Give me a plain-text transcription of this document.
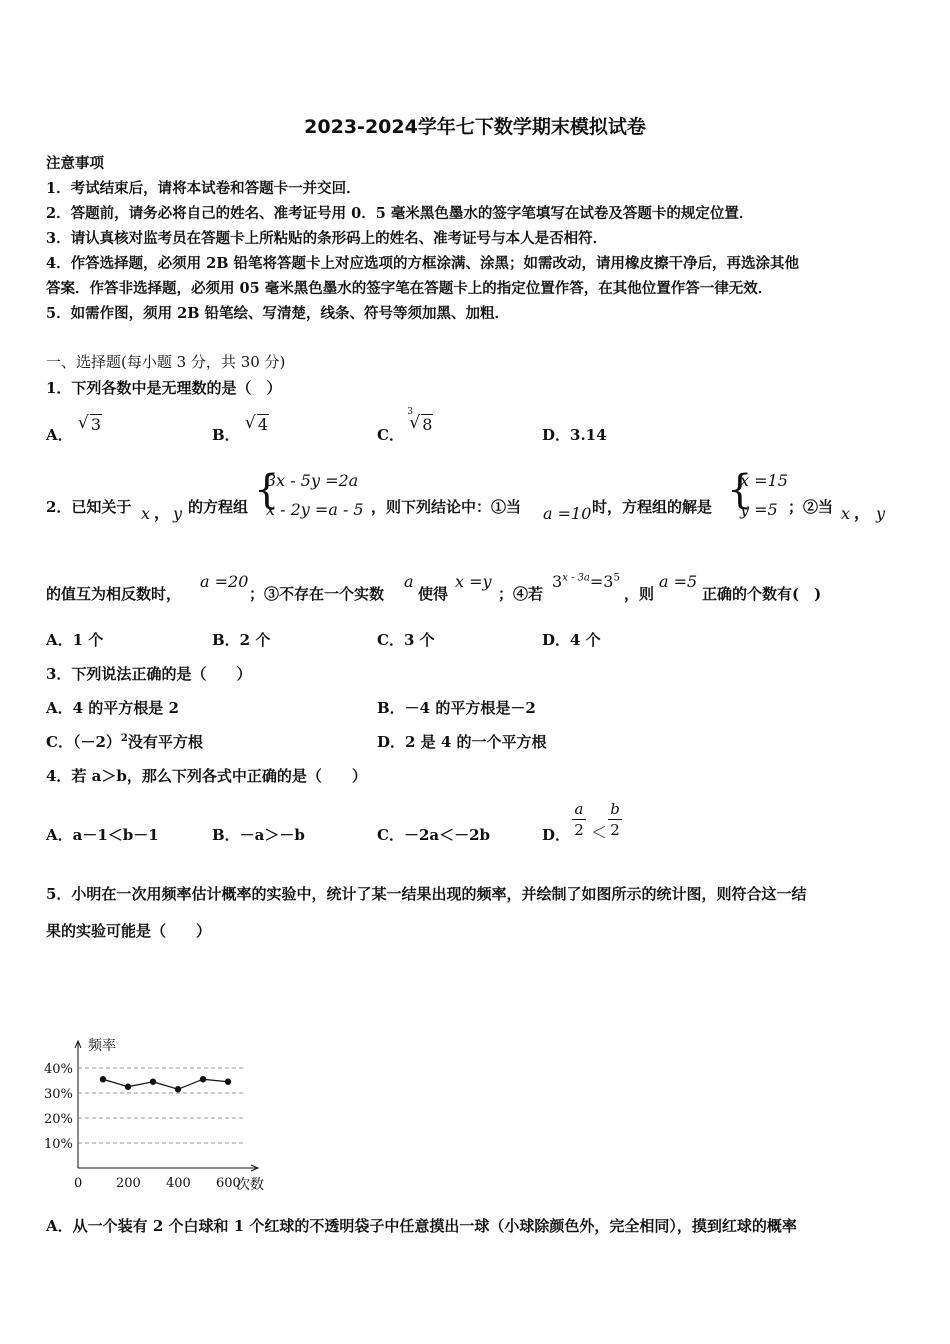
2023-2024学年七下数学期末模拟试卷
注意事项
1．考试结束后，请将本试卷和答题卡一并交回．
2．答题前，请务必将自己的姓名、准考证号用 0．5 毫米黑色墨水的签字笔填写在试卷及答题卡的规定位置．
3．请认真核对监考员在答题卡上所粘贴的条形码上的姓名、准考证号与本人是否相符．
4．作答选择题，必须用 2B 铅笔将答题卡上对应选项的方框涂满、涂黑；如需改动，请用橡皮擦干净后，再选涂其他
答案．作答非选择题，必须用 05 毫米黑色墨水的签字笔在答题卡上的指定位置作答，在其他位置作答一律无效．
5．如需作图，须用 2B 铅笔绘、写清楚，线条、符号等须加黑、加粗．
一、选择题(每小题 3 分，共 30 分)
1．下列各数中是无理数的是（　）
A．
√ 3
B．
√ 4
C．
3
√ 8
D．3.14
2．已知关于 x ， y 的方程组 {
3x - 5y =2a
x - 2y =a - 5 ，则下列结论中：①当 a =10 时，方程组的解是 {
x =15
y =5 ；②当 x ， y
的值互为相反数时，
a =20
；③不存在一个实数
a
使得
x =y
；④若
$3^{x - 3a}=3^5$
，则
a =5
正确的个数有(　)
A．1 个	B．2 个	C．3 个	D．4 个
3．下列说法正确的是（　　）
A．4 的平方根是 2	B．－4 的平方根是－2
C．$(-2)^2$没有平方根	D．2 是 4 的一个平方根
4．若 a＞b，那么下列各式中正确的是（　　）
A．a－1＜b－1	B．－a＞－b	C．－2a＜－2b	D．
a
2 ＜
b
2
5．小明在一次用频率估计概率的实验中，统计了某一结果出现的频率，并绘制了如图所示的统计图，则符合这一结
果的实验可能是（　　）
10%
20%
30%
40%
0	200 400 600
频率
次数
A．从一个装有 2 个白球和 1 个红球的不透明袋子中任意摸出一球（小球除颜色外，完全相同），摸到红球的概率
